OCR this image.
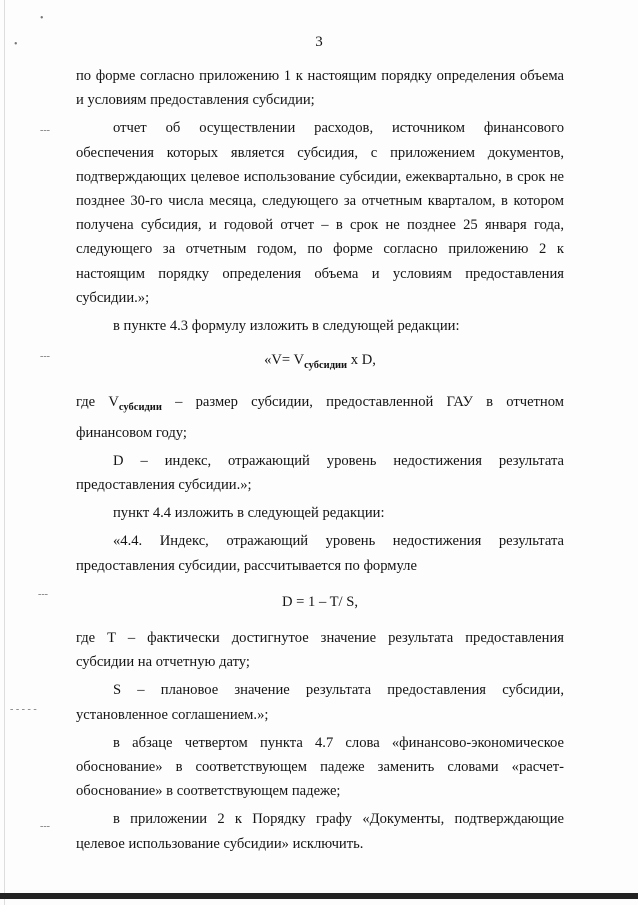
•
•
‐‐‐
‐‐‐
‐‐‐
‐ ‐ ‐ ‐ ‐
‐‐‐
3

по форме согласно приложению 1 к настоящим порядку определения объема и условиям предоставления субсидии;

отчет об осуществлении расходов, источником финансового обеспечения которых является субсидия, с приложением документов, подтверждающих целевое использование субсидии, ежеквартально, в срок не позднее 30-го числа месяца, следующего за отчетным кварталом, в котором получена субсидия, и годовой отчет – в срок не позднее 25 января года, следующего за отчетным годом, по форме согласно приложению 2 к настоящим порядку определения объема и условиям предоставления субсидии.»;

в пункте 4.3 формулу изложить в следующей редакции:

«$V= V_{субсидии}$ x D,

где $V_{субсидии}$ – размер субсидии, предоставленной ГАУ в отчетном финансовом году;

D – индекс, отражающий уровень недостижения результата предоставления субсидии.»;

пункт 4.4 изложить в следующей редакции:

«4.4. Индекс, отражающий уровень недостижения результата предоставления субсидии, рассчитывается по формуле

D = 1 – T/ S,

где T – фактически достигнутое значение результата предоставления субсидии на отчетную дату;

S – плановое значение результата предоставления субсидии, установленное соглашением.»;

в абзаце четвертом пункта 4.7 слова «финансово-экономическое обоснование» в соответствующем падеже заменить словами «расчет-обоснование» в соответствующем падеже;

в приложении 2 к Порядку графу «Документы, подтверждающие целевое использование субсидии» исключить.
